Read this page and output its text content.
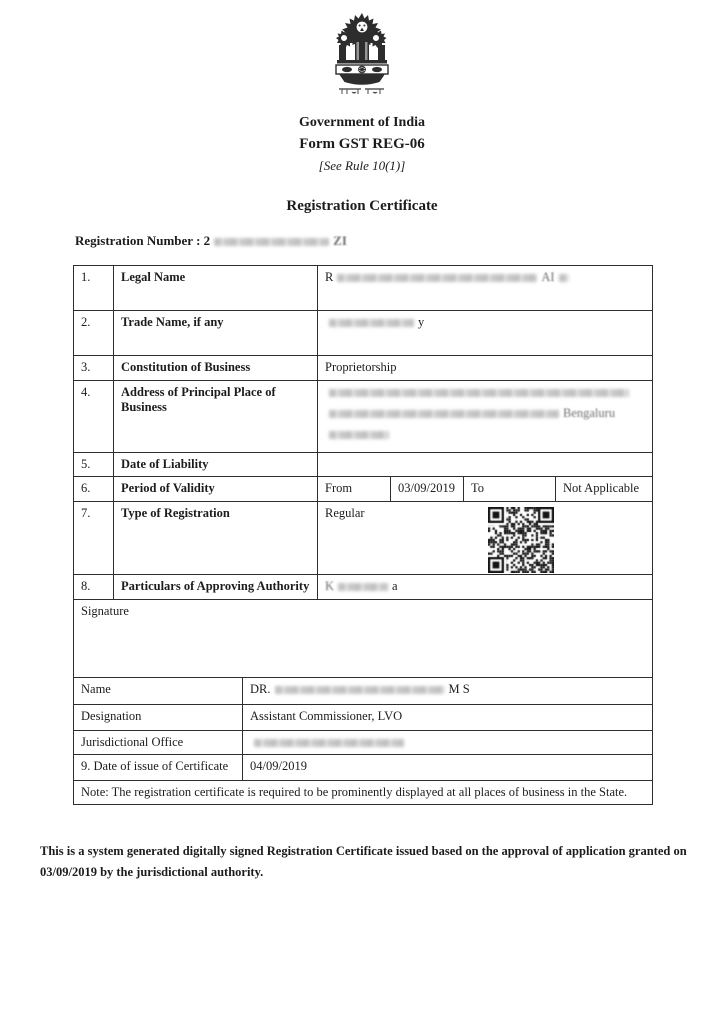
Government of India
Form GST REG-06
[See Rule 10(1)]
Registration Certificate
Registration Number : 2	ZI
1.	Legal Name	R AI			
2.	Trade Name, if any	y			
3.	Constitution of Business	Proprietorship			
4.	Address of Principal Place of Business	Bengaluru			

5.	Date of Liability				
6.	Period of Validity	From	03/09/2019	To	Not Applicable
7.	Type of Registration	Regular			

8.	Particulars of Approving Authority	K a			
Signature					
Name	DR. M S
Designation	Assistant Commissioner, LVO
Jurisdictional Office	
9. Date of issue of Certificate	04/09/2019
Note: The registration certificate is required to be prominently displayed at all places of business in the State.	
This is a system generated digitally signed Registration Certificate issued based on the approval of application granted on 03/09/2019 by the jurisdictional authority.
